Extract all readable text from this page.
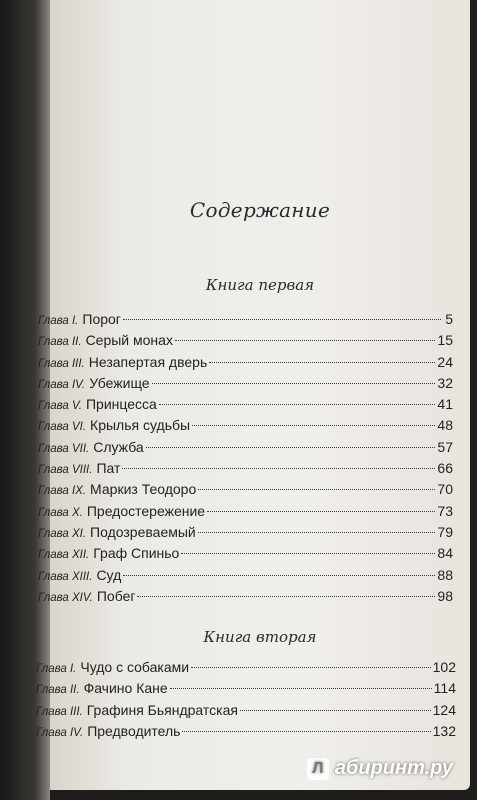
Содержание
Книга первая
Глава I. Порог	5
Глава II. Серый монах	15
Глава III. Незапертая дверь	24
Глава IV. Убежище	32
Глава V. Принцесса	41
Глава VI. Крылья судьбы	48
Глава VII. Служба	57
Глава VIII. Пат	66
Глава IX. Маркиз Теодоро	70
Глава X. Предостережение	73
Глава XI. Подозреваемый	79
Глава XII. Граф Спиньо	84
Глава XIII. Суд	88
Глава XIV. Побег	98
Книга вторая
Глава I. Чудо с собаками	102
Глава II. Фачино Кане	114
Глава III. Графиня Бьяндратская	124
Глава IV. Предводитель	132
Л абиринт.ру
